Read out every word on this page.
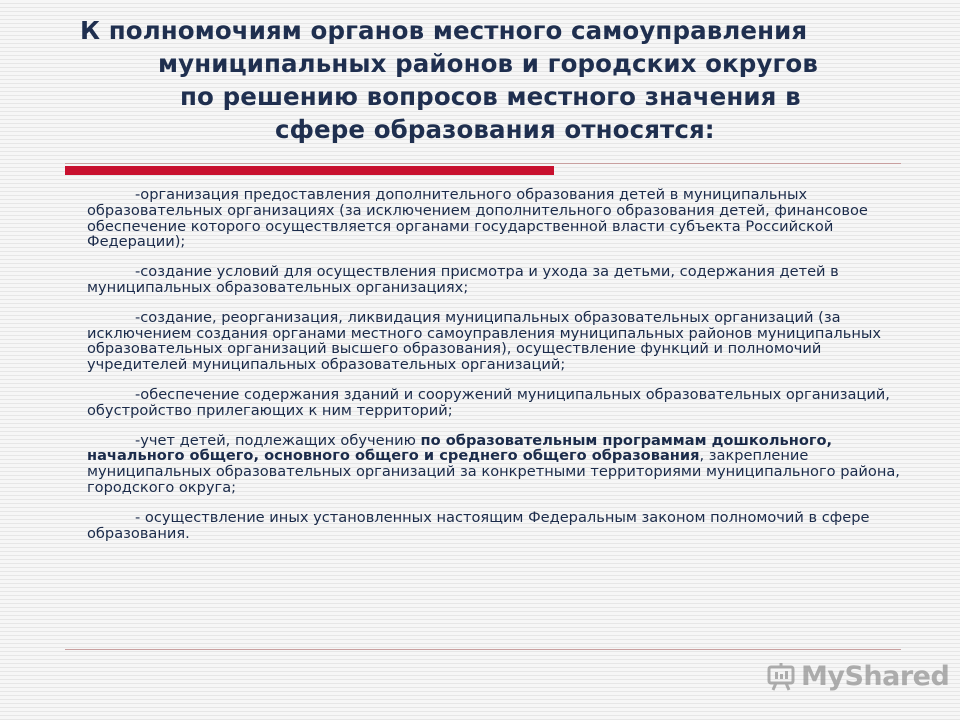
К полномочиям органов местного самоуправления
муниципальных районов и городских округов
по решению вопросов местного значения в
сфере образования относятся:

-организация предоставления дополнительного образования детей в муниципальных образовательных организациях (за исключением дополнительного образования детей, финансовое обеспечение которого осуществляется органами государственной власти субъекта Российской Федерации);

-создание условий для осуществления присмотра и ухода за детьми, содержания детей в муниципальных образовательных организациях;

-создание, реорганизация, ликвидация муниципальных образовательных организаций (за исключением создания органами местного самоуправления муниципальных районов муниципальных образовательных организаций высшего образования), осуществление функций и полномочий учредителей муниципальных образовательных организаций;

-обеспечение содержания зданий и сооружений муниципальных образовательных организаций, обустройство прилегающих к ним территорий;

-учет детей, подлежащих обучению по образовательным программам дошкольного, начального общего, основного общего и среднего общего образования, закрепление муниципальных образовательных организаций за конкретными территориями муниципального района, городского округа;

- осуществление иных установленных настоящим Федеральным законом полномочий в сфере образования.

MyShared
